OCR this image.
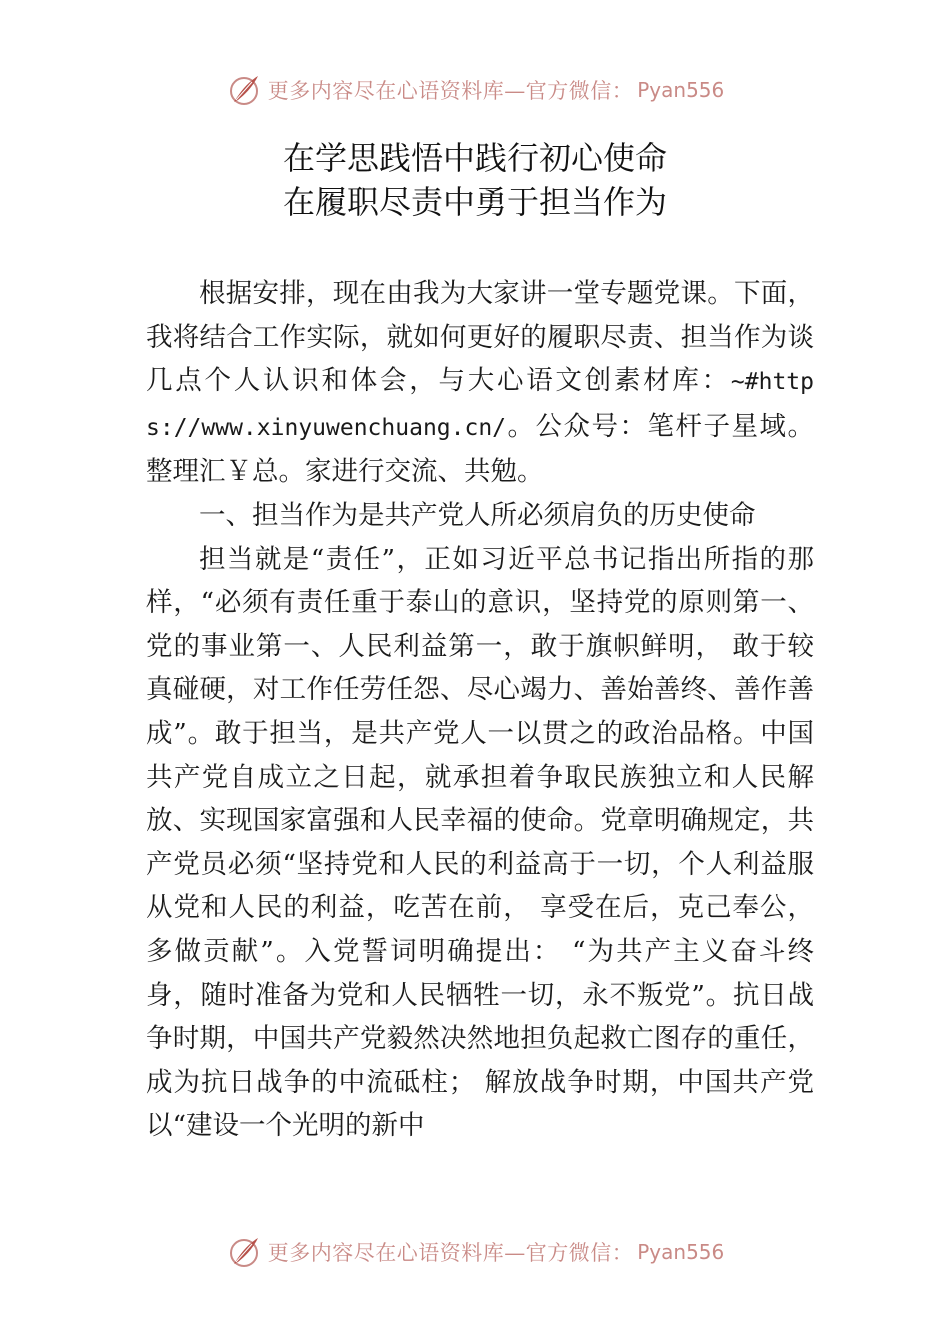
更多内容尽在心语资料库—官方微信： Pyan556
在学思践悟中践行初心使命
在履职尽责中勇于担当作为

根据安排，现在由我为大家讲一堂专题党课。下面，我将结合工作实际，就如何更好的履职尽责、担当作为谈几点个人认识和体会，与大心语文创素材库：~#https://www.xinyuwenchuang.cn/。公众号：笔杆子星域。整理汇￥总。家进行交流、共勉。

一、担当作为是共产党人所必须肩负的历史使命

担当就是“责任”，正如习近平总书记指出所指的那样，“必须有责任重于泰山的意识，坚持党的原则第一、党的事业第一、人民利益第一，敢于旗帜鲜明， 敢于较真碰硬，对工作任劳任怨、尽心竭力、善始善终、善作善成”。敢于担当，是共产党人一以贯之的政治品格。中国共产党自成立之日起，就承担着争取民族独立和人民解放、实现国家富强和人民幸福的使命。党章明确规定，共产党员必须“坚持党和人民的利益高于一切，个人利益服从党和人民的利益，吃苦在前， 享受在后，克己奉公，多做贡献”。入党誓词明确提出： “为共产主义奋斗终身，随时准备为党和人民牺牲一切，永不叛党”。抗日战争时期，中国共产党毅然决然地担负起救亡图存的重任，成为抗日战争的中流砥柱； 解放战争时期，中国共产党以“建设一个光明的新中

更多内容尽在心语资料库—官方微信： Pyan556
